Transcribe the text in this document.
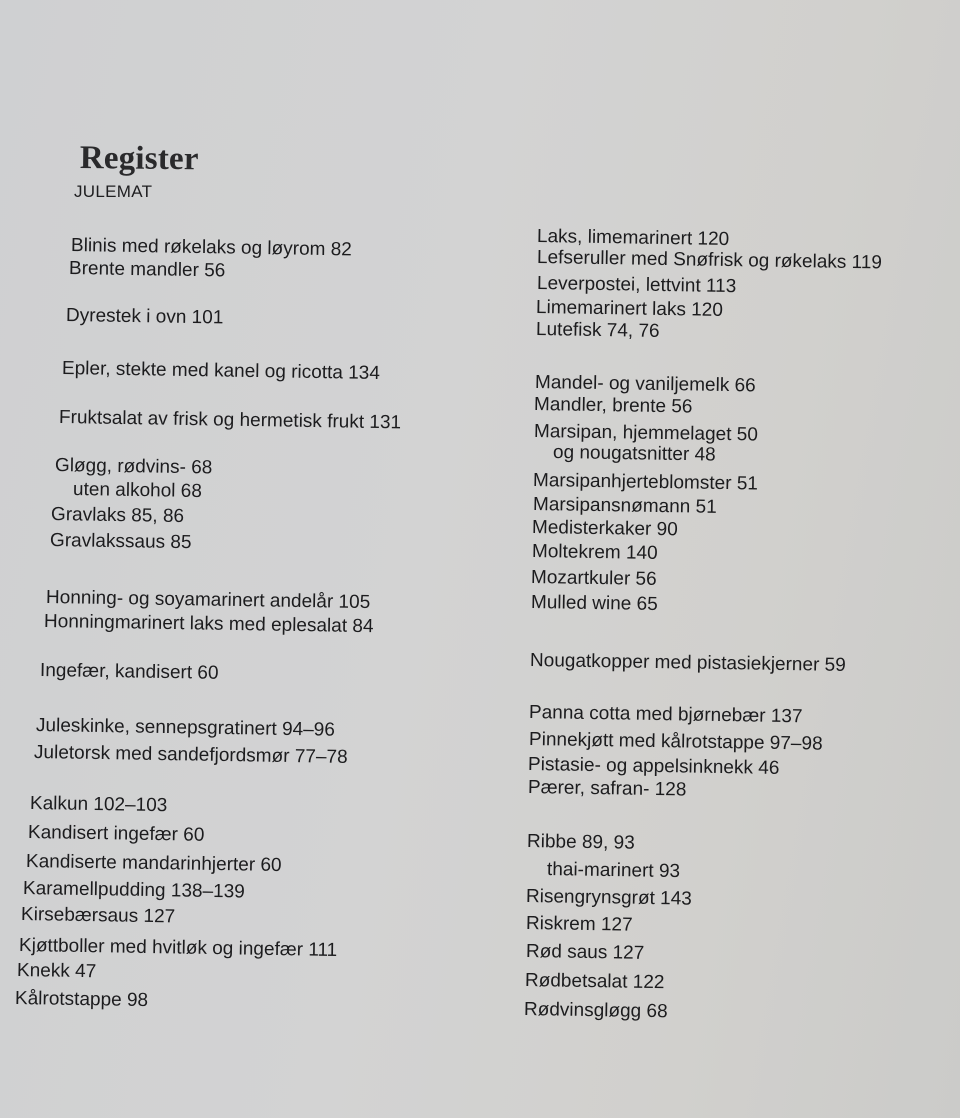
Register
JULEMAT
Blinis med røkelaks og løyrom 82
Brente mandler 56
Dyrestek i ovn 101
Epler, stekte med kanel og ricotta 134
Fruktsalat av frisk og hermetisk frukt 131
Gløgg, rødvins- 68
uten alkohol 68
Gravlaks 85, 86
Gravlakssaus 85
Honning- og soyamarinert andelår 105
Honningmarinert laks med eplesalat 84
Ingefær, kandisert 60
Juleskinke, sennepsgratinert 94–96
Juletorsk med sandefjordsmør 77–78
Kalkun 102–103
Kandisert ingefær 60
Kandiserte mandarinhjerter 60
Karamellpudding 138–139
Kirsebærsaus 127
Kjøttboller med hvitløk og ingefær 111
Knekk 47
Kålrotstappe 98
Laks, limemarinert 120
Lefseruller med Snøfrisk og røkelaks 119
Leverpostei, lettvint 113
Limemarinert laks 120
Lutefisk 74, 76
Mandel- og vaniljemelk 66
Mandler, brente 56
Marsipan, hjemmelaget 50
og nougatsnitter 48
Marsipanhjerteblomster 51
Marsipansnømann 51
Medisterkaker 90
Moltekrem 140
Mozartkuler 56
Mulled wine 65
Nougatkopper med pistasiekjerner 59
Panna cotta med bjørnebær 137
Pinnekjøtt med kålrotstappe 97–98
Pistasie- og appelsinknekk 46
Pærer, safran- 128
Ribbe 89, 93
thai-marinert 93
Risengrynsgrøt 143
Riskrem 127
Rød saus 127
Rødbetsalat 122
Rødvinsgløgg 68
